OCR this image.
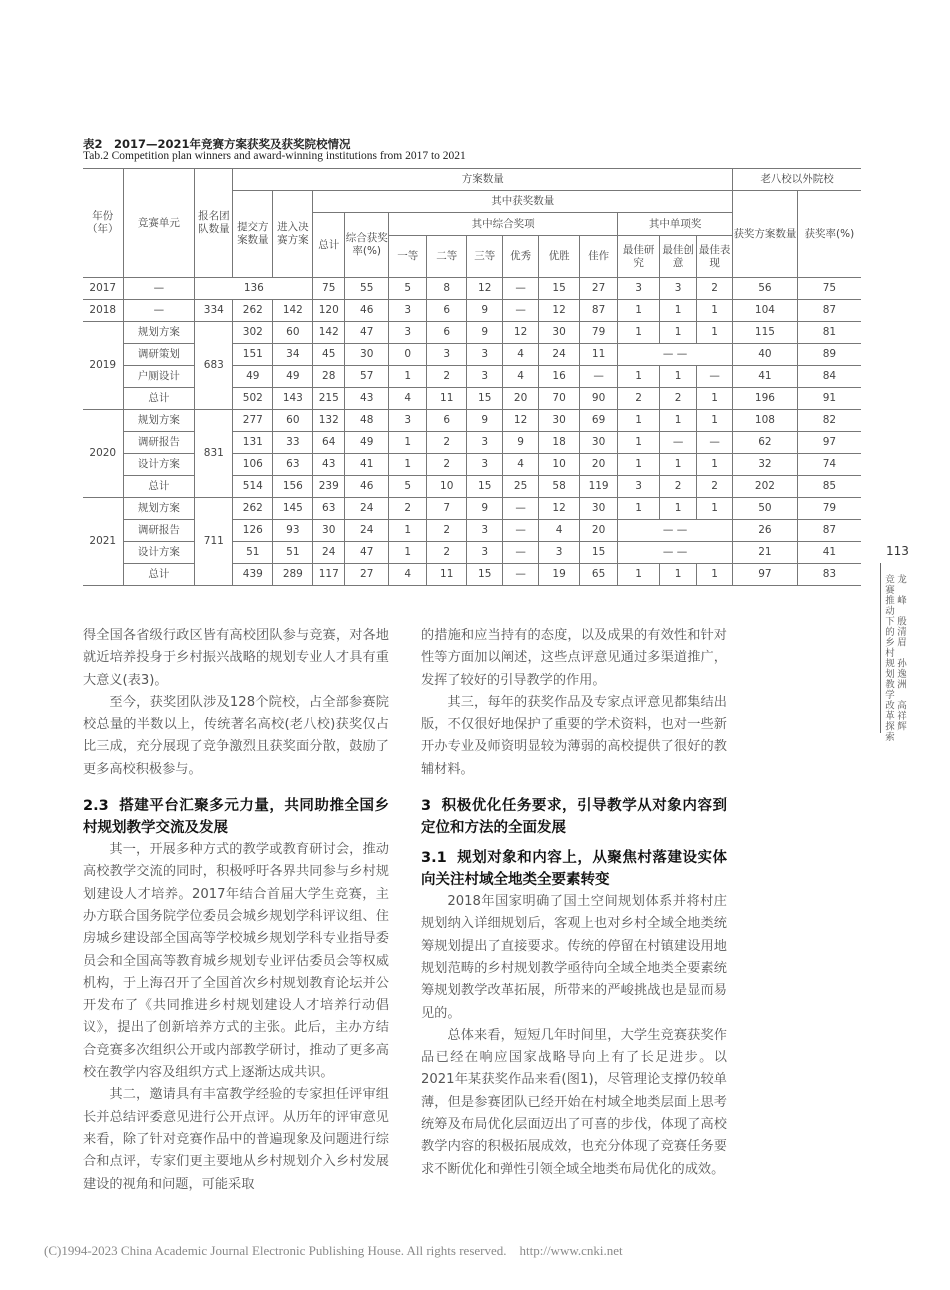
表2　2017—2021年竞赛方案获奖及获奖院校情况
Tab.2 Competition plan winners and award-winning institutions from 2017 to 2021
年份（年）	竞赛单元	报名团队数量	方案数量													老八校以外院校	
			提交方案数量	进入决赛方案	其中获奖数量											获奖方案数量	获奖率(%)
					总计	综合获奖率(%)	其中综合奖项						其中单项奖				
							一等	二等	三等	优秀	优胜	佳作	最佳研究	最佳创意	最佳表现		
2017	—	136			75	55	5	8	12	—	15	27	3	3	2	56	75
2018	—	334	262	142	120	46	3	6	9	—	12	87	1	1	1	104	87
2019	规划方案	683	302	60	142	47	3	6	9	12	30	79	1	1	1	115	81
	调研策划		151	34	45	30	0	3	3	4	24	11	— —			40	89
	户厕设计		49	49	28	57	1	2	3	4	16	—	1	1	—	41	84
	总计		502	143	215	43	4	11	15	20	70	90	2	2	1	196	91
2020	规划方案	831	277	60	132	48	3	6	9	12	30	69	1	1	1	108	82
	调研报告		131	33	64	49	1	2	3	9	18	30	1	—	—	62	97
	设计方案		106	63	43	41	1	2	3	4	10	20	1	1	1	32	74
	总计		514	156	239	46	5	10	15	25	58	119	3	2	2	202	85
2021	规划方案	711	262	145	63	24	2	7	9	—	12	30	1	1	1	50	79
	调研报告		126	93	30	24	1	2	3	—	4	20	— —			26	87
	设计方案		51	51	24	47	1	2	3	—	3	15	— —			21	41
	总计		439	289	117	27	4	11	15	—	19	65	1	1	1	97	83
113
龙　峰　殷清眉　孙逸洲　高祥辉
竞赛推动下的乡村规划教学改革探索

得全国各省级行政区皆有高校团队参与竞赛，对各地就近培养投身于乡村振兴战略的规划专业人才具有重大意义(表3)。

至今，获奖团队涉及128个院校，占全部参赛院校总量的半数以上，传统著名高校(老八校)获奖仅占比三成，充分展现了竞争激烈且获奖面分散，鼓励了更多高校积极参与。

2.3 搭建平台汇聚多元力量，共同助推全国乡村规划教学交流及发展

其一，开展多种方式的教学或教育研讨会，推动高校教学交流的同时，积极呼吁各界共同参与乡村规划建设人才培养。2017年结合首届大学生竞赛，主办方联合国务院学位委员会城乡规划学科评议组、住房城乡建设部全国高等学校城乡规划学科专业指导委员会和全国高等教育城乡规划专业评估委员会等权威机构，于上海召开了全国首次乡村规划教育论坛并公开发布了《共同推进乡村规划建设人才培养行动倡议》，提出了创新培养方式的主张。此后，主办方结合竞赛多次组织公开或内部教学研讨，推动了更多高校在教学内容及组织方式上逐渐达成共识。

其二，邀请具有丰富教学经验的专家担任评审组长并总结评委意见进行公开点评。从历年的评审意见来看，除了针对竞赛作品中的普遍现象及问题进行综合和点评，专家们更主要地从乡村规划介入乡村发展建设的视角和问题，可能采取

的措施和应当持有的态度，以及成果的有效性和针对性等方面加以阐述，这些点评意见通过多渠道推广，发挥了较好的引导教学的作用。

其三，每年的获奖作品及专家点评意见都集结出版，不仅很好地保护了重要的学术资料，也对一些新开办专业及师资明显较为薄弱的高校提供了很好的教辅材料。

3 积极优化任务要求，引导教学从对象内容到定位和方法的全面发展
3.1 规划对象和内容上，从聚焦村落建设实体向关注村域全地类全要素转变

2018年国家明确了国土空间规划体系并将村庄规划纳入详细规划后，客观上也对乡村全域全地类统筹规划提出了直接要求。传统的停留在村镇建设用地规划范畴的乡村规划教学亟待向全域全地类全要素统筹规划教学改革拓展，所带来的严峻挑战也是显而易见的。

总体来看，短短几年时间里，大学生竞赛获奖作品已经在响应国家战略导向上有了长足进步。以2021年某获奖作品来看(图1)，尽管理论支撑仍较单薄，但是参赛团队已经开始在村域全地类层面上思考统筹及布局优化层面迈出了可喜的步伐，体现了高校教学内容的积极拓展成效，也充分体现了竞赛任务要求不断优化和弹性引领全域全地类布局优化的成效。

(C)1994-2023 China Academic Journal Electronic Publishing House. All rights reserved.    http://www.cnki.net
